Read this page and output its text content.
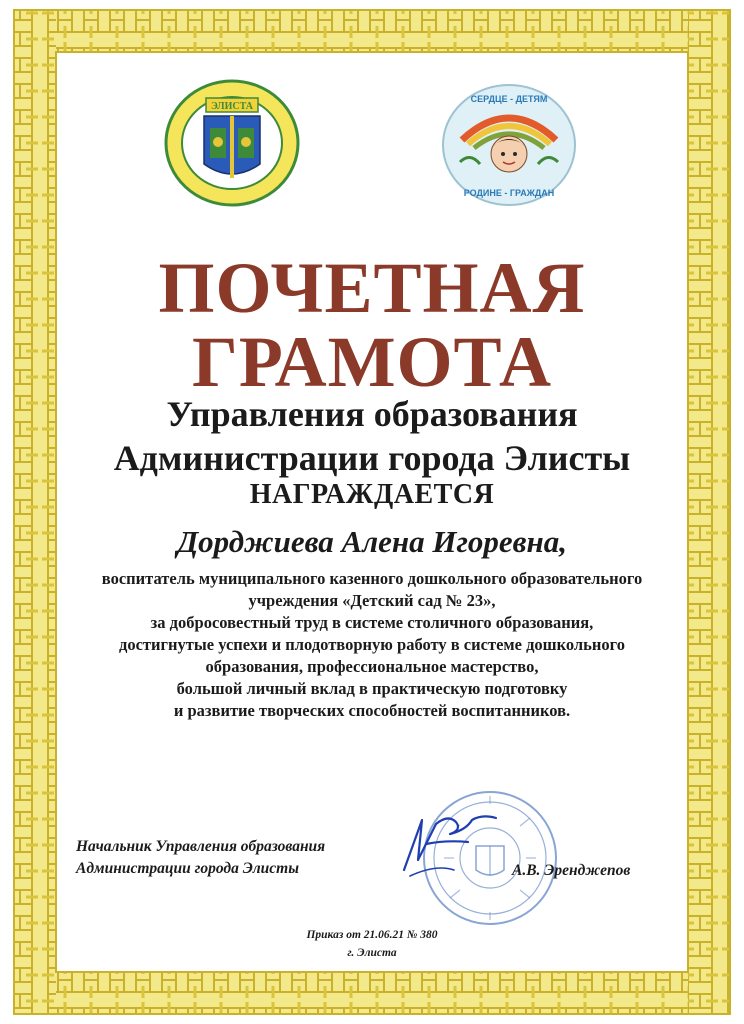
ЭЛИСТА
СЕРДЦЕ - ДЕТЯМ
РОДИНЕ - ГРАЖДАН
ПОЧЕТНАЯ
ГРАМОТА

Управления образования

Администрации города Элисты

НАГРАЖДАЕТСЯ

Дорджиева Алена Игоревна,

воспитатель муниципального казенного дошкольного образовательного
учреждения «Детский сад № 23»,
за добросовестный труд в системе столичного образования,
достигнутые успехи и плодотворную работу в системе дошкольного
образования, профессиональное мастерство,
большой личный вклад в практическую подготовку
и развитие творческих способностей воспитанников.

Начальник Управления образования
Администрации города Элисты	А.В. Эренджenов

Приказ от 21.06.21 № 380
г. Элиста
